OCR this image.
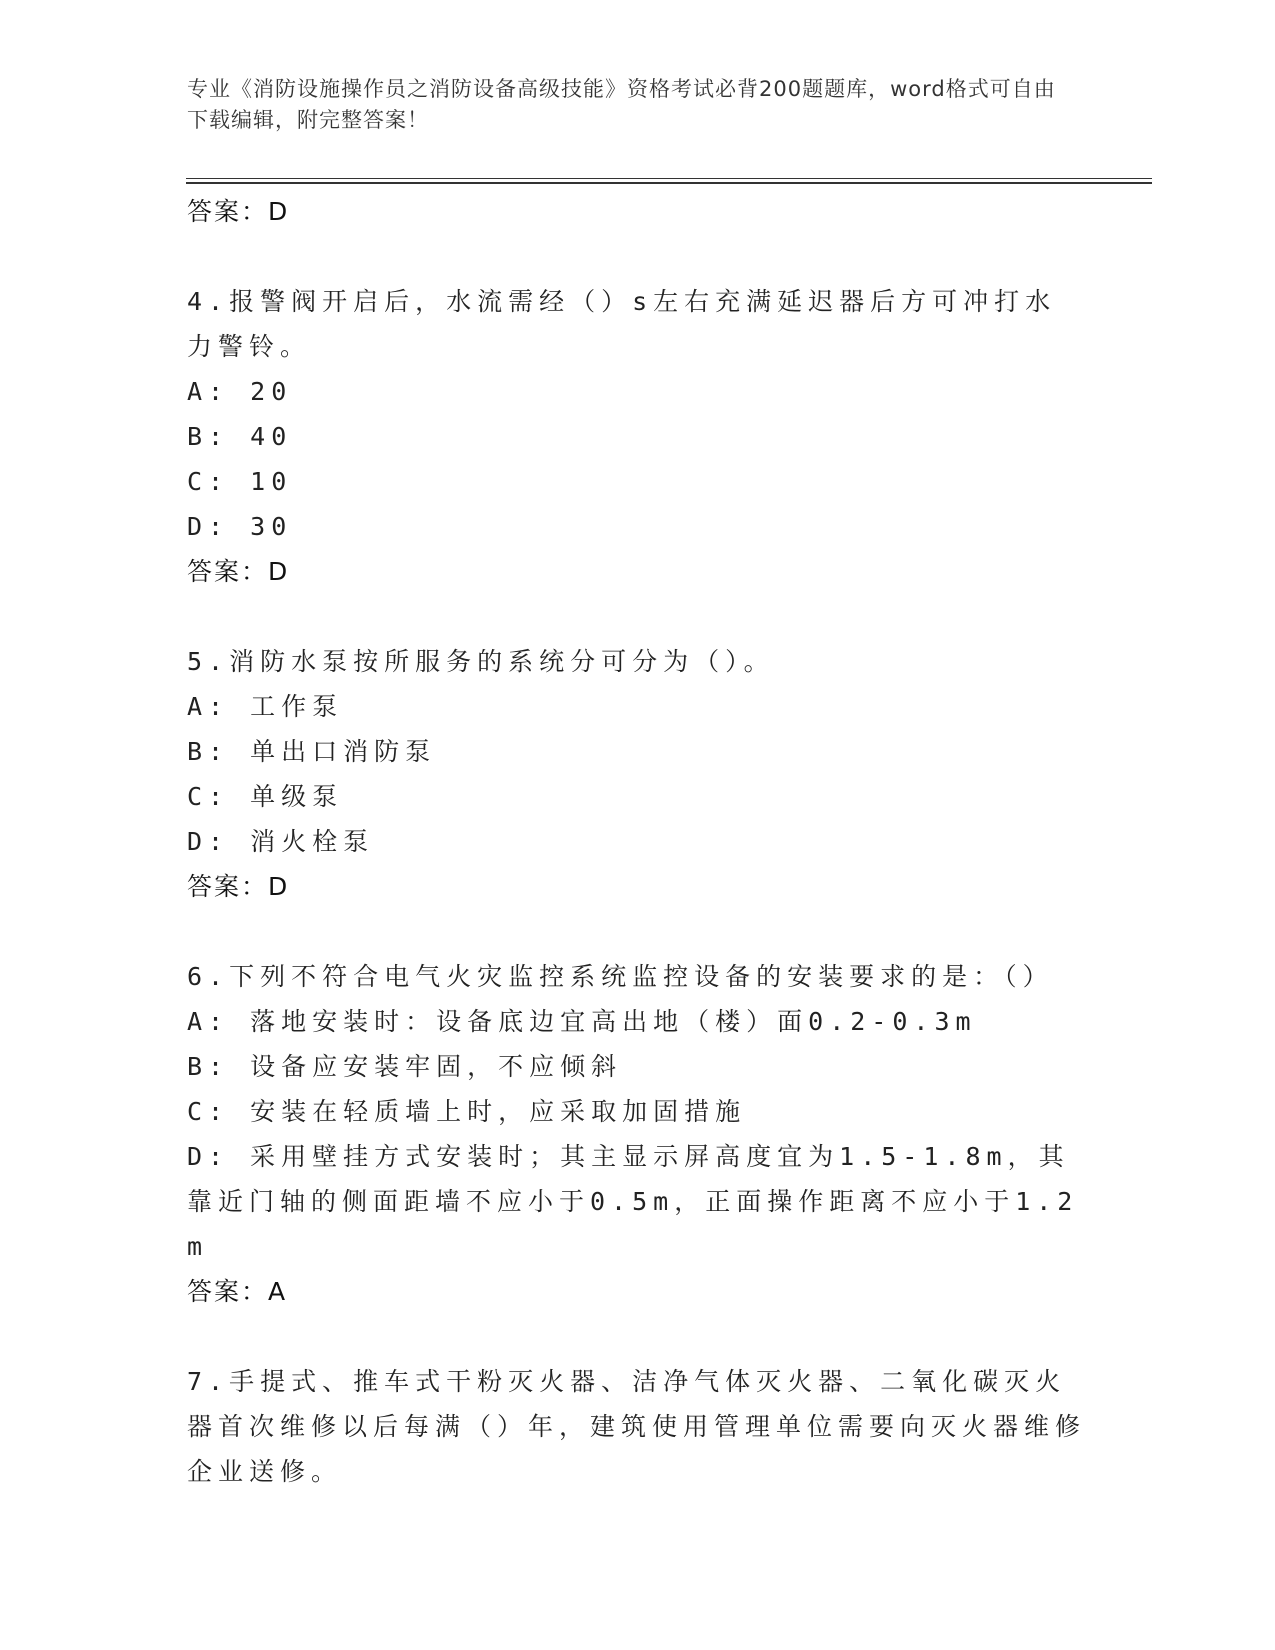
专业《消防设施操作员之消防设备高级技能》资格考试必背200题题库，word格式可自由下载编辑，附完整答案！
答案：D
4.报警阀开启后，水流需经（）s左右充满延迟器后方可冲打水力警铃。
A: 20
B: 40
C: 10
D: 30
答案：D
5.消防水泵按所服务的系统分可分为（）。
A: 工作泵
B: 单出口消防泵
C: 单级泵
D: 消火栓泵
答案：D
6.下列不符合电气火灾监控系统监控设备的安装要求的是：（）
A: 落地安装时：设备底边宜高出地（楼）面0.2-0.3m
B: 设备应安装牢固，不应倾斜
C: 安装在轻质墙上时，应采取加固措施
D: 采用壁挂方式安装时；其主显示屏高度宜为1.5-1.8m，其靠近门轴的侧面距墙不应小于0.5m，正面操作距离不应小于1.2m
答案：A
7.手提式、推车式干粉灭火器、洁净气体灭火器、二氧化碳灭火器首次维修以后每满（）年，建筑使用管理单位需要向灭火器维修企业送修。
